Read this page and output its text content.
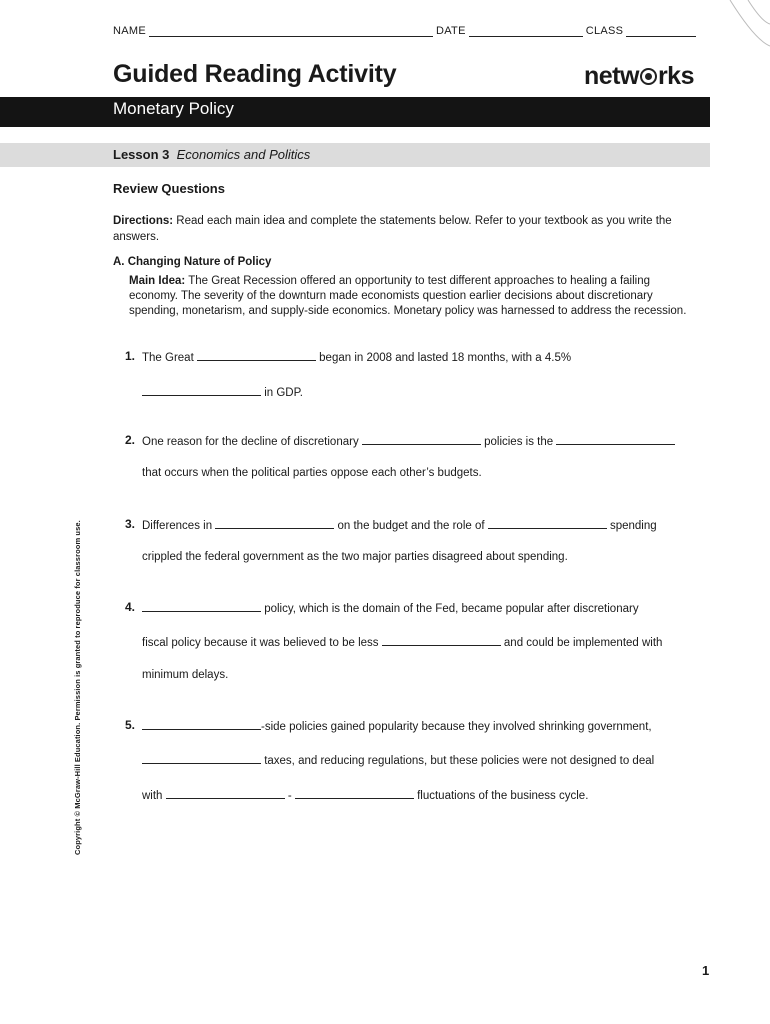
NAME	DATE	CLASS
Guided Reading Activity	netw rks
Monetary Policy
Lesson 3 Economics and Politics
Review Questions
Directions: Read each main idea and complete the statements below. Refer to your textbook as you write the answers.
A. Changing Nature of Policy
Main Idea: The Great Recession offered an opportunity to test different approaches to healing a failing economy. The severity of the downturn made economists question earlier decisions about discretionary spending, monetarism, and supply-side economics. Monetary policy was harnessed to address the recession.
1. The Great	began in 2008 and lasted 18 months, with a 4.5%
in GDP.
2. One reason for the decline of discretionary	policies is the
that occurs when the political parties oppose each other’s budgets.
3. Differences in	on the budget and the role of	spending
crippled the federal government as the two major parties disagreed about spending.
4.	policy, which is the domain of the Fed, became popular after discretionary
fiscal policy because it was believed to be less	and could be implemented with
minimum delays.
5.	-side policies gained popularity because they involved shrinking government,
taxes, and reducing regulations, but these policies were not designed to deal
with	-	fluctuations of the business cycle.
Copyright © McGraw-Hill Education. Permission is granted to reproduce for classroom use.
1
